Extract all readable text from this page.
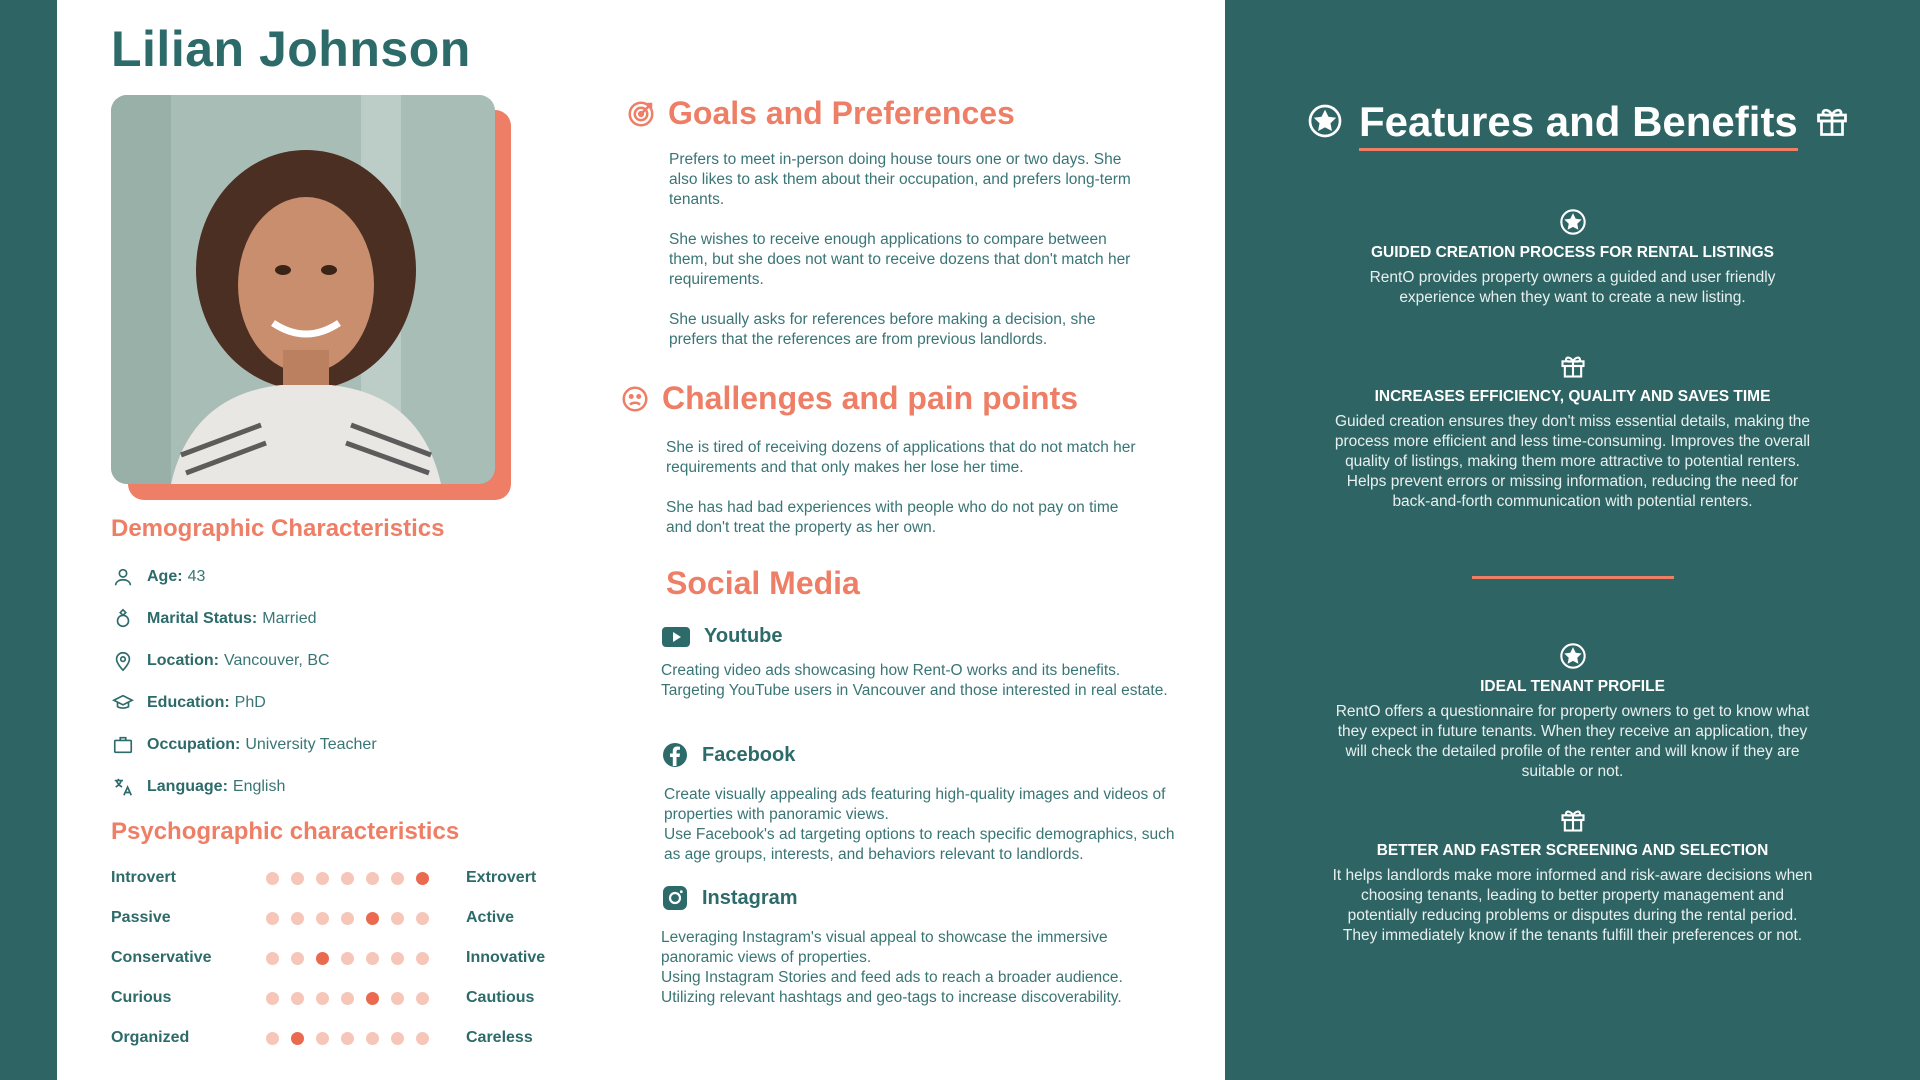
Lilian Johnson
Demographic Characteristics
Age: 43
Marital Status: Married
Location: Vancouver, BC
Education: PhD
Occupation: University Teacher
Language: English
Psychographic characteristics
Introvert	Extrovert
Passive	Active
Conservative	Innovative
Curious	Cautious
Organized	Careless
Goals and Preferences

Prefers to meet in-person doing house tours one or two days. She also likes to ask them about their occupation, and prefers long-term tenants.

She wishes to receive enough applications to compare between them, but she does not want to receive dozens that don't match her requirements.

She usually asks for references before making a decision, she prefers that the references are from previous landlords.

Challenges and pain points

She is tired of receiving dozens of applications that do not match her requirements and that only makes her lose her time.

She has had bad experiences with people who do not pay on time and don't treat the property as her own.

Social Media
Youtube

Creating video ads showcasing how Rent-O works and its benefits. Targeting YouTube users in Vancouver and those interested in real estate.

Facebook
Create visually appealing ads featuring high-quality images and videos of properties with panoramic views.
Use Facebook's ad targeting options to reach specific demographics, such as age groups, interests, and behaviors relevant to landlords.
Instagram
Leveraging Instagram's visual appeal to showcase the immersive panoramic views of properties.
Using Instagram Stories and feed ads to reach a broader audience.
Utilizing relevant hashtags and geo-tags to increase discoverability.
Features and Benefits
GUIDED CREATION PROCESS FOR RENTAL LISTINGS
RentO provides property owners a guided and user friendly experience when they want to create a new listing.
INCREASES EFFICIENCY, QUALITY AND SAVES TIME
Guided creation ensures they don't miss essential details, making the process more efficient and less time-consuming. Improves the overall quality of listings, making them more attractive to potential renters. Helps prevent errors or missing information, reducing the need for back-and-forth communication with potential renters.
IDEAL TENANT PROFILE
RentO offers a questionnaire for property owners to get to know what they expect in future tenants. When they receive an application, they will check the detailed profile of the renter and will know if they are suitable or not.
BETTER AND FASTER SCREENING AND SELECTION
It helps landlords make more informed and risk-aware decisions when choosing tenants, leading to better property management and potentially reducing problems or disputes during the rental period. They immediately know if the tenants fulfill their preferences or not.
